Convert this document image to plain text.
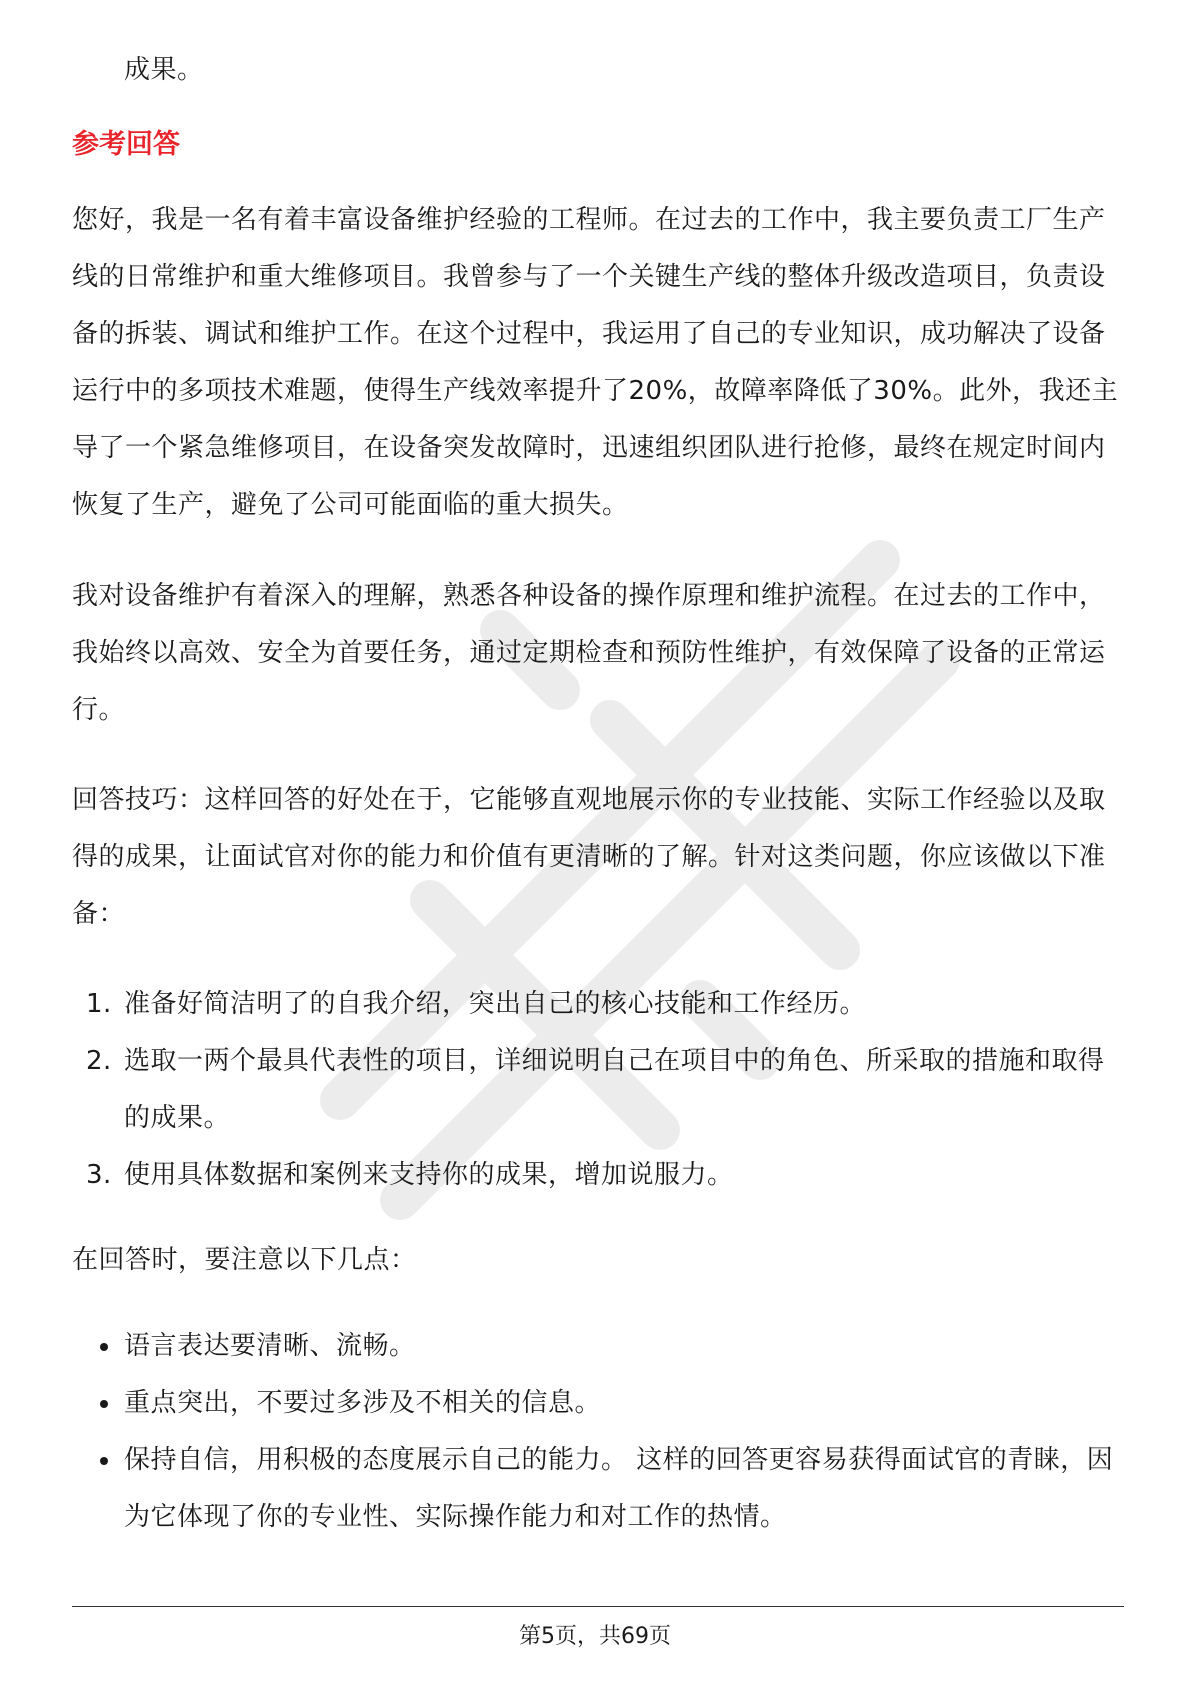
成果。

参考回答

您好，我是一名有着丰富设备维护经验的工程师。在过去的工作中，我主要负责工厂生产线的日常维护和重大维修项目。我曾参与了一个关键生产线的整体升级改造项目，负责设备的拆装、调试和维护工作。在这个过程中，我运用了自己的专业知识，成功解决了设备运行中的多项技术难题，使得生产线效率提升了20%，故障率降低了30%。此外，我还主导了一个紧急维修项目，在设备突发故障时，迅速组织团队进行抢修，最终在规定时间内恢复了生产，避免了公司可能面临的重大损失。

我对设备维护有着深入的理解，熟悉各种设备的操作原理和维护流程。在过去的工作中，我始终以高效、安全为首要任务，通过定期检查和预防性维护，有效保障了设备的正常运行。

回答技巧：这样回答的好处在于，它能够直观地展示你的专业技能、实际工作经验以及取得的成果，让面试官对你的能力和价值有更清晰的了解。针对这类问题，你应该做以下准备：

1. 准备好简洁明了的自我介绍，突出自己的核心技能和工作经历。
2. 选取一两个最具代表性的项目，详细说明自己在项目中的角色、所采取的措施和取得的成果。
3. 使用具体数据和案例来支持你的成果，增加说服力。

在回答时，要注意以下几点：

语言表达要清晰、流畅。
重点突出，不要过多涉及不相关的信息。
保持自信，用积极的态度展示自己的能力。 这样的回答更容易获得面试官的青睐，因为它体现了你的专业性、实际操作能力和对工作的热情。
第5页，共69页
